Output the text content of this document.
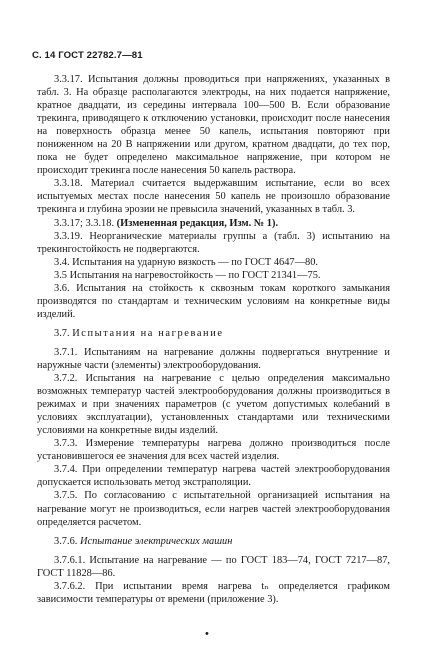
С. 14 ГОСТ 22782.7—81

3.3.17. Испытания должны проводиться при напряжениях, указанных в табл. 3. На образце располагаются электроды, на них подается напряжение, кратное двадцати, из середины интервала 100—500 В. Если образование трекинга, приводящего к отключению установки, происходит после нанесения на поверхность образца менее 50 капель, испытания повторяют при пониженном на 20 В напряжении или другом, кратном двадцати, до тех пор, пока не будет определено максимальное напряжение, при котором не происходит трекинга после нанесения 50 капель раствора.

3.3.18. Материал считается выдержавшим испытание, если во всех испытуемых местах после нанесения 50 капель не произошло образование трекинга и глубина эрозии не превысила значений, указанных в табл. 3.

3.3.17; 3.3.18. (Измененная редакция, Изм. № 1).

3.3.19. Неорганические материалы группы а (табл. 3) испытанию на трекингостойкость не подвергаются.

3.4. Испытания на ударную вязкость — по ГОСТ 4647—80.

3.5 Испытания на нагревостойкость — по ГОСТ 21341—75.

3.6. Испытания на стойкость к сквозным токам короткого замыкания производятся по стандартам и техническим условиям на конкретные виды изделий.

3.7. Испытания на нагревание

3.7.1. Испытаниям на нагревание должны подвергаться внутренние и наружные части (элементы) электрооборудования.

3.7.2. Испытания на нагревание с целью определения максимально возможных температур частей электрооборудования должны производиться в режимах и при значениях параметров (с учетом допустимых колебаний в условиях эксплуатации), установленных стандартами или техническими условиями на конкретные виды изделий.

3.7.3. Измерение температуры нагрева должно производиться после установившегося ее значения для всех частей изделия.

3.7.4. При определении температур нагрева частей электрооборудования допускается использовать метод экстраполяции.

3.7.5. По согласованию с испытательной организацией испытания на нагревание могут не производиться, если нагрев частей электрооборудования определяется расчетом.

3.7.6. Испытание электрических машин

3.7.6.1. Испытание на нагревание — по ГОСТ 183—74, ГОСТ 7217—87, ГОСТ 11828—86.

3.7.6.2. При испытании время нагрева tₙ определяется графиком зависимости температуры от времени (приложение 3).

•
